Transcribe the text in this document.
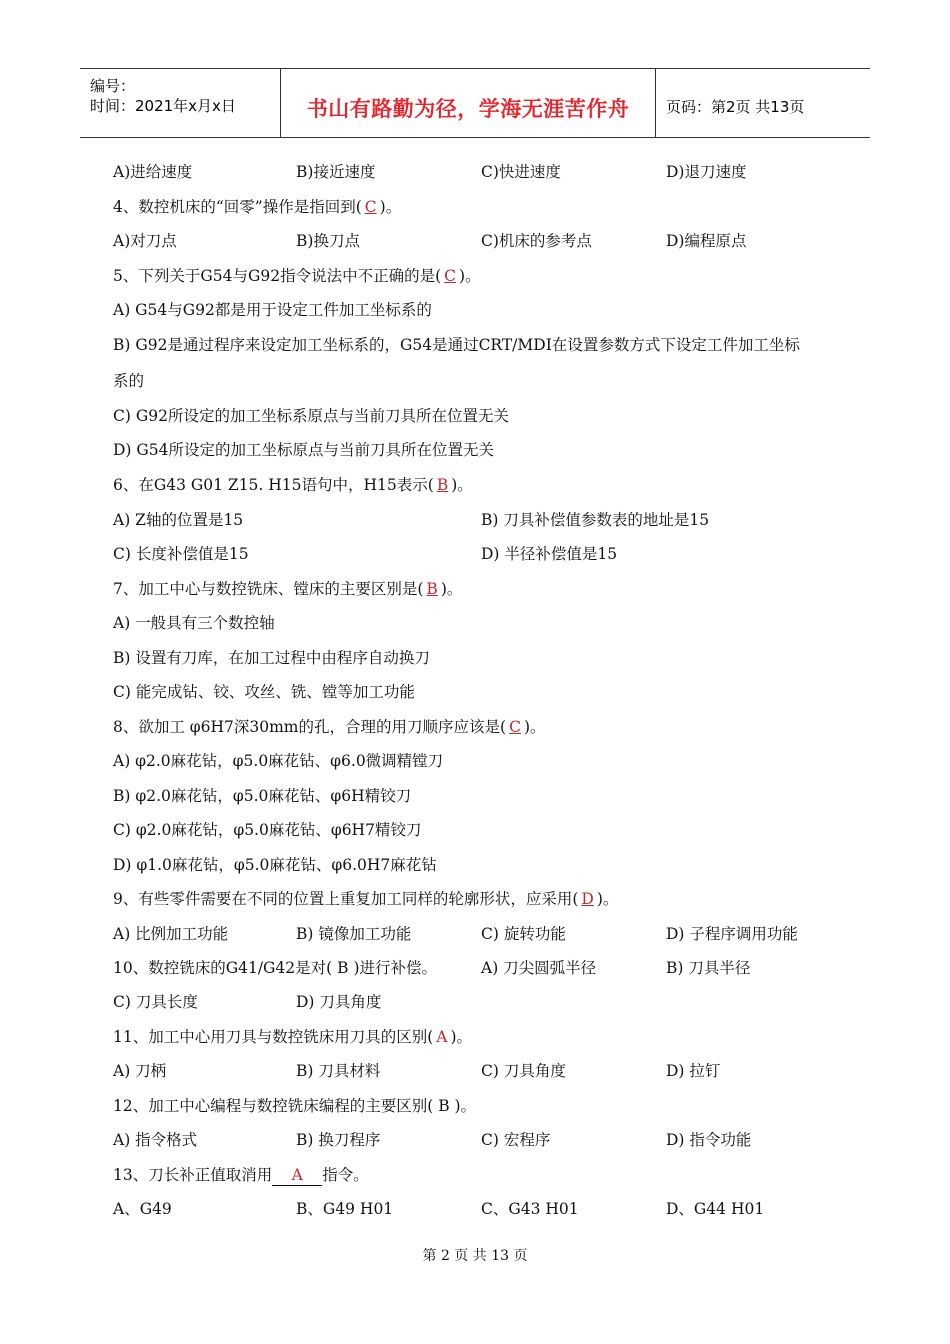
编号：
时间：2021年x月x日	书山有路勤为径，学海无涯苦作舟	页码：第2页 共13页
A)进给速度	B)接近速度	C)快进速度	D)退刀速度
4、数控机床的“回零”操作是指回到( C )。
A)对刀点	B)换刀点	C)机床的参考点	D)编程原点
5、下列关于G54与G92指令说法中不正确的是( C )。
A) G54与G92都是用于设定工件加工坐标系的
B) G92是通过程序来设定加工坐标系的，G54是通过CRT/MDI在设置参数方式下设定工件加工坐标
系的
C) G92所设定的加工坐标系原点与当前刀具所在位置无关
D) G54所设定的加工坐标原点与当前刀具所在位置无关
6、在G43 G01 Z15. H15语句中，H15表示( B )。
A) Z轴的位置是15	B) 刀具补偿值参数表的地址是15
C) 长度补偿值是15	D) 半径补偿值是15
7、加工中心与数控铣床、镗床的主要区别是( B )。
A) 一般具有三个数控轴
B) 设置有刀库，在加工过程中由程序自动换刀
C) 能完成钻、铰、攻丝、铣、镗等加工功能
8、欲加工 φ6H7深30mm的孔，合理的用刀顺序应该是( C )。
A) φ2.0麻花钻，φ5.0麻花钻、φ6.0微调精镗刀
B) φ2.0麻花钻，φ5.0麻花钻、φ6H精铰刀
C) φ2.0麻花钻，φ5.0麻花钻、φ6H7精铰刀
D) φ1.0麻花钻，φ5.0麻花钻、φ6.0H7麻花钻
9、有些零件需要在不同的位置上重复加工同样的轮廓形状，应采用( D )。
A) 比例加工功能	B) 镜像加工功能	C) 旋转功能	D) 子程序调用功能
10、数控铣床的G41/G42是对( B )进行补偿。	A) 刀尖圆弧半径	B) 刀具半径
C) 刀具长度	D) 刀具角度
11、加工中心用刀具与数控铣床用刀具的区别( A )。
A) 刀柄	B) 刀具材料	C) 刀具角度	D) 拉钉
12、加工中心编程与数控铣床编程的主要区别( B )。
A) 指令格式	B) 换刀程序	C) 宏程序	D) 指令功能
13、刀长补正值取消用 A 指令。
A、G49	B、G49 H01	C、G43 H01	D、G44 H01
第 2 页 共 13 页
